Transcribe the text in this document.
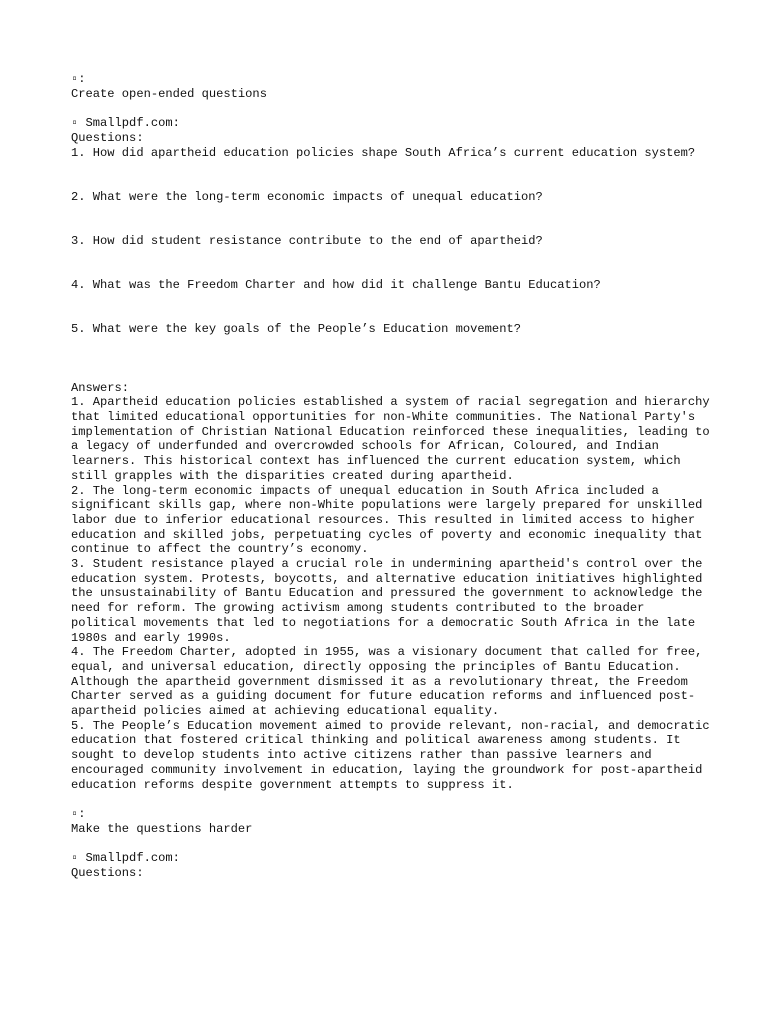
▫:
Create open-ended questions
▫ Smallpdf.com:
Questions:
1. How did apartheid education policies shape South Africa’s current education system?
2. What were the long-term economic impacts of unequal education?
3. How did student resistance contribute to the end of apartheid?
4. What was the Freedom Charter and how did it challenge Bantu Education?
5. What were the key goals of the People’s Education movement?
Answers:
1. Apartheid education policies established a system of racial segregation and hierarchy that limited educational opportunities for non-White communities. The National Party's implementation of Christian National Education reinforced these inequalities, leading to a legacy of underfunded and overcrowded schools for African, Coloured, and Indian learners. This historical context has influenced the current education system, which still grapples with the disparities created during apartheid.
2. The long-term economic impacts of unequal education in South Africa included a significant skills gap, where non-White populations were largely prepared for unskilled labor due to inferior educational resources. This resulted in limited access to higher education and skilled jobs, perpetuating cycles of poverty and economic inequality that continue to affect the country’s economy.
3. Student resistance played a crucial role in undermining apartheid's control over the education system. Protests, boycotts, and alternative education initiatives highlighted the unsustainability of Bantu Education and pressured the government to acknowledge the need for reform. The growing activism among students contributed to the broader political movements that led to negotiations for a democratic South Africa in the late 1980s and early 1990s.
4. The Freedom Charter, adopted in 1955, was a visionary document that called for free, equal, and universal education, directly opposing the principles of Bantu Education. Although the apartheid government dismissed it as a revolutionary threat, the Freedom Charter served as a guiding document for future education reforms and influenced post-apartheid policies aimed at achieving educational equality.
5. The People’s Education movement aimed to provide relevant, non-racial, and democratic education that fostered critical thinking and political awareness among students. It sought to develop students into active citizens rather than passive learners and encouraged community involvement in education, laying the groundwork for post-apartheid education reforms despite government attempts to suppress it.
▫:
Make the questions harder
▫ Smallpdf.com:
Questions:
